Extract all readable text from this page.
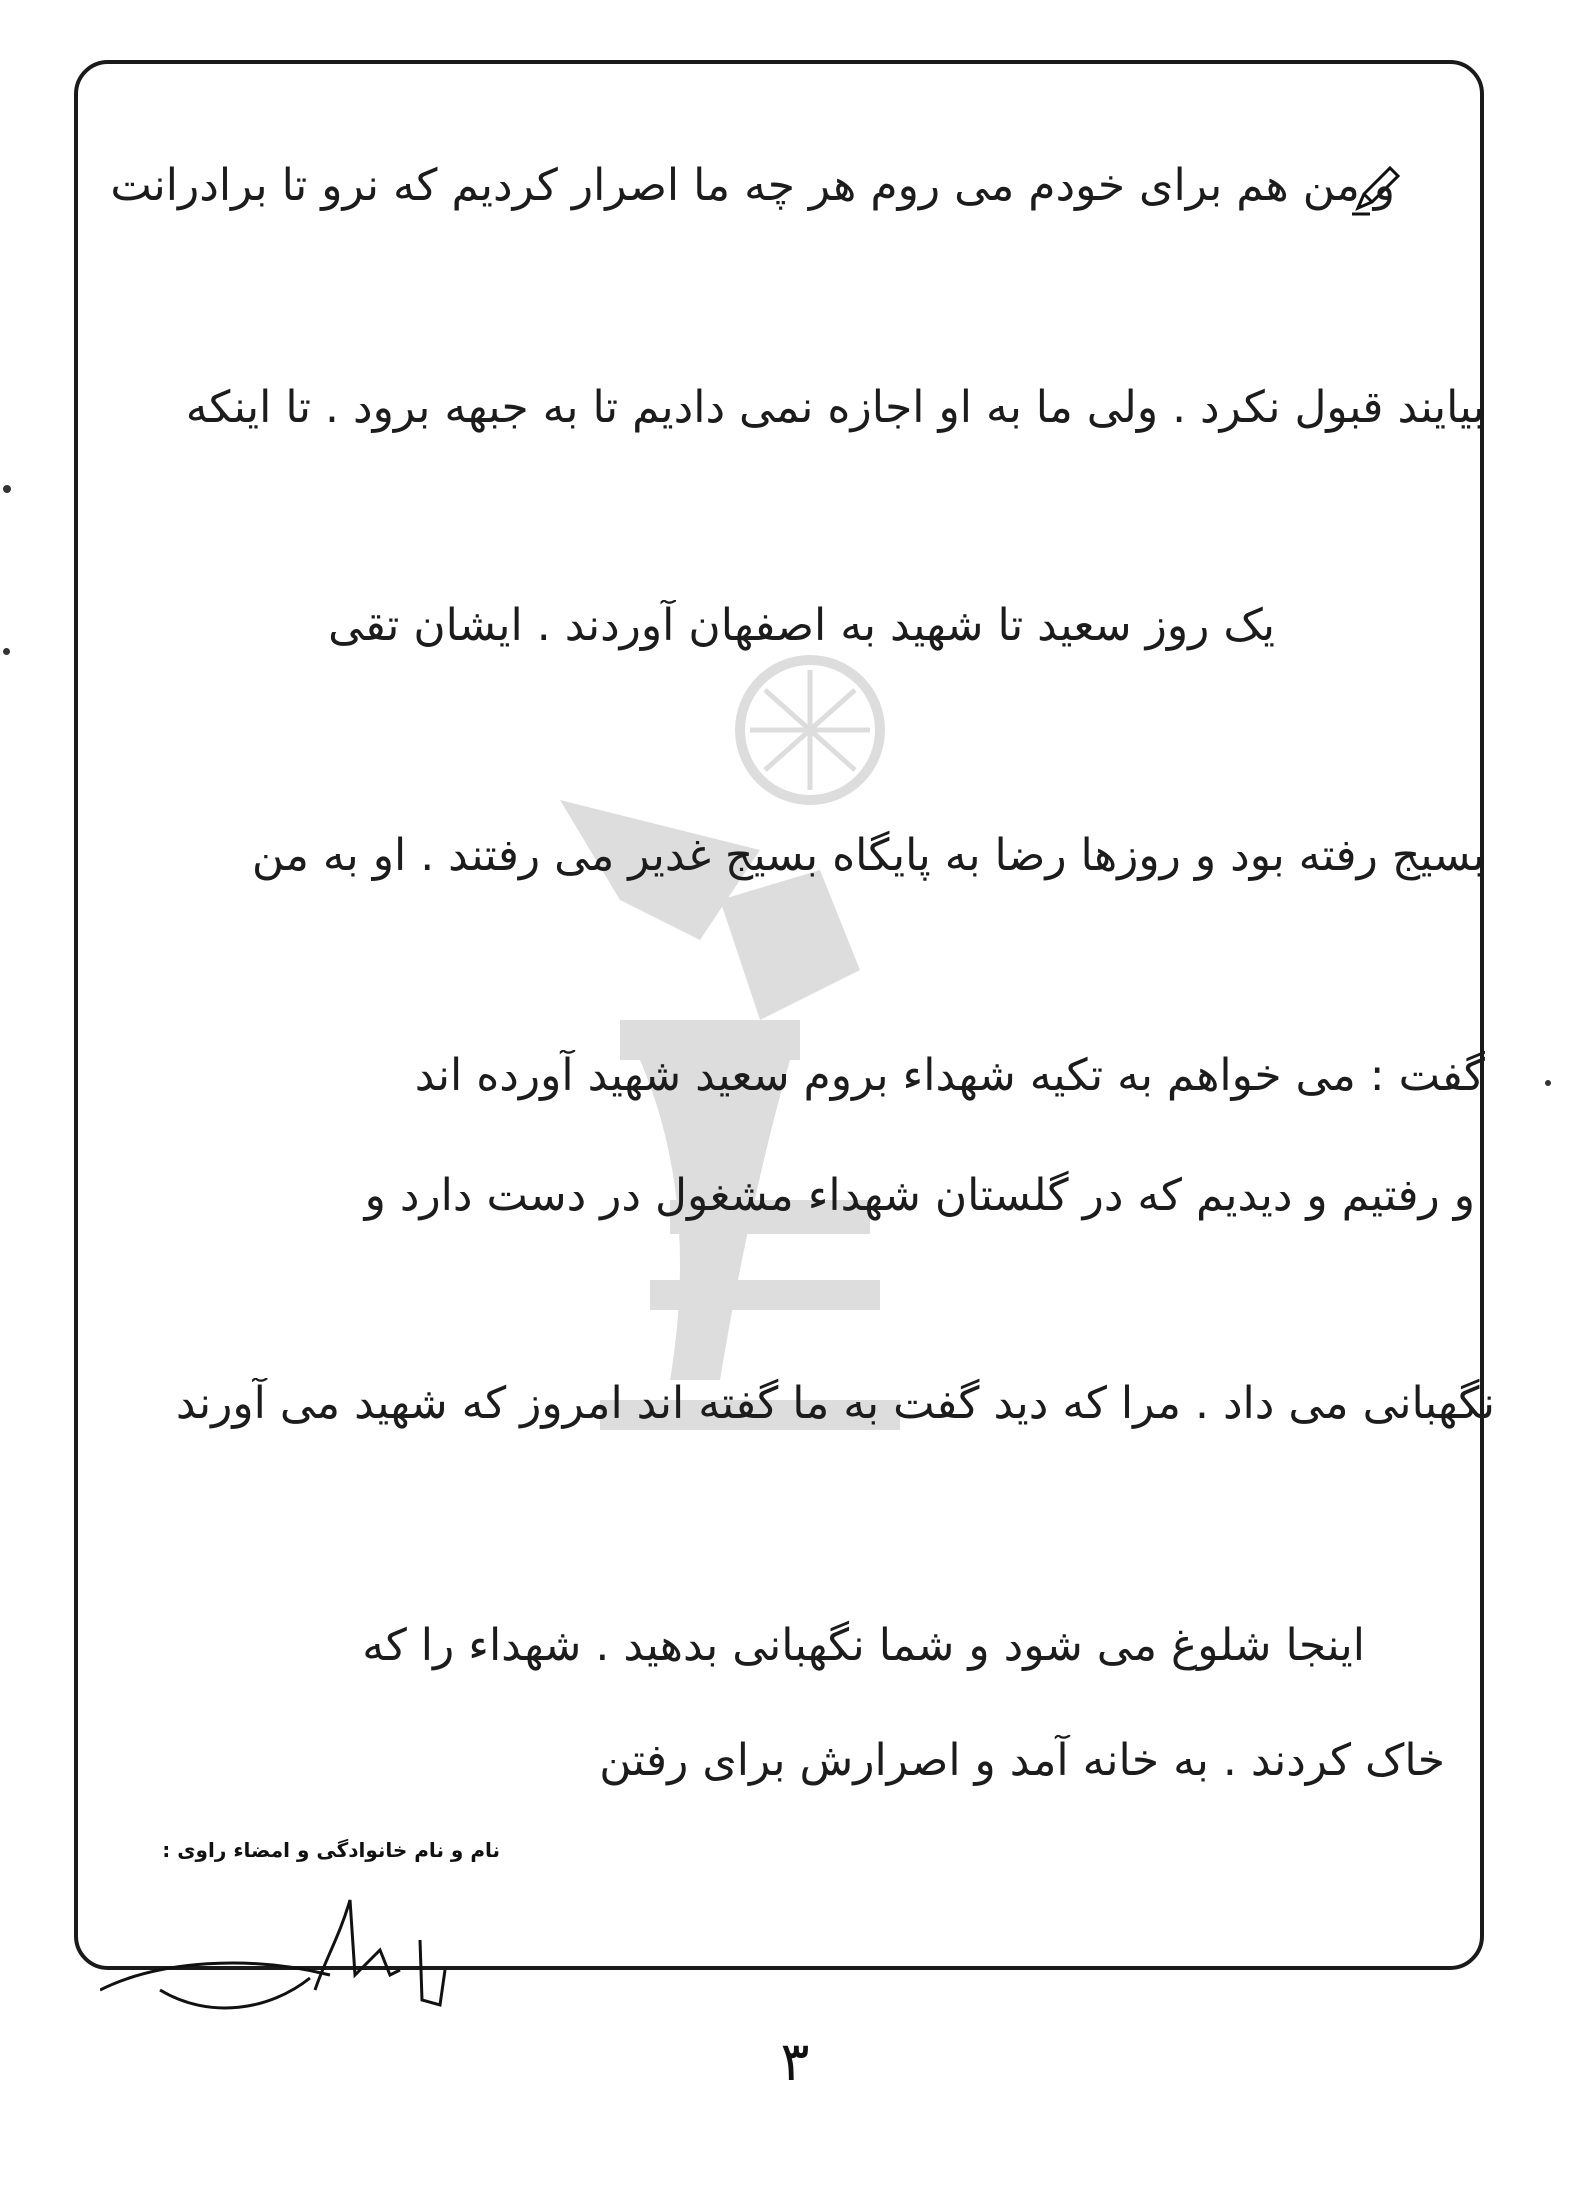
و من هم برای خودم می روم هر چه ما اصرار کردیم که نرو تا برادرانت
بیایند قبول نکرد . ولی ما به او اجازه نمی دادیم تا به جبهه برود . تا اینکه
یک روز سعید تا شهید به اصفهان آوردند . ایشان تقی
بسیج رفته بود و روزها رضا به پایگاه بسیج غدیر می رفتند . او به من
گفت : می خواهم به تکیه شهداء بروم سعید شهید آورده اند
و رفتیم و دیدیم که در گلستان شهداء مشغول در دست دارد و
نگهبانی می داد . مرا که دید گفت به ما گفته اند امروز که شهید می آورند
اینجا شلوغ می شود و شما نگهبانی بدهید . شهداء را که
خاک کردند . به خانه آمد و اصرارش برای رفتن
نام و نام خانوادگی و امضاء راوی :
۳
